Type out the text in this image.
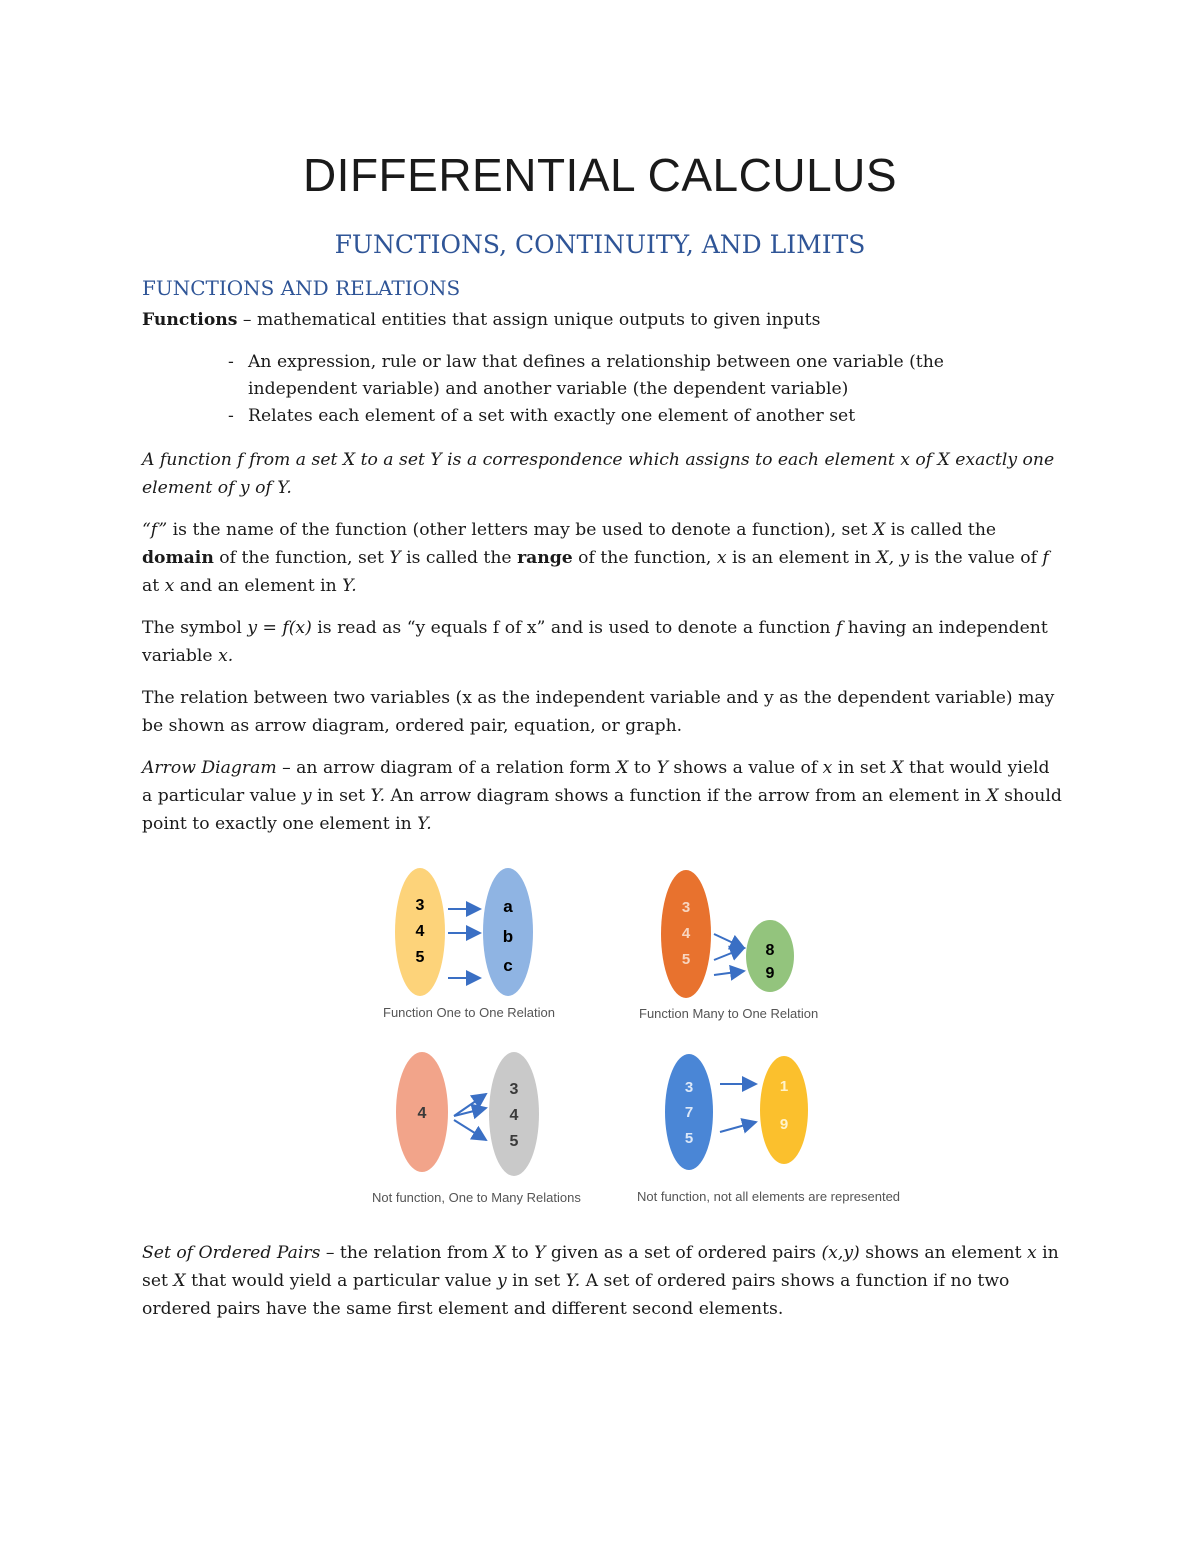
DIFFERENTIAL CALCULUS
FUNCTIONS, CONTINUITY, AND LIMITS
FUNCTIONS AND RELATIONS
Functions – mathematical entities that assign unique outputs to given inputs
- An expression, rule or law that defines a relationship between one variable (the independent variable) and another variable (the dependent variable)
- Relates each element of a set with exactly one element of another set
A function f from a set X to a set Y is a correspondence which assigns to each element x of X exactly one element of y of Y.
“f” is the name of the function (other letters may be used to denote a function), set X is called the domain of the function, set Y is called the range of the function, x is an element in X, y is the value of f at x and an element in Y.
The symbol y = f(x) is read as “y equals f of x” and is used to denote a function f having an independent variable x.
The relation between two variables (x as the independent variable and y as the dependent variable) may be shown as arrow diagram, ordered pair, equation, or graph.
Arrow Diagram – an arrow diagram of a relation form X to Y shows a value of x in set X that would yield a particular value y in set Y. An arrow diagram shows a function if the arrow from an element in X should point to exactly one element in Y.
3
4
5
a
b
c
Function One to One Relation
3
4
5
8
9
Function Many to One Relation
4
3
4
5
Not function, One to Many Relations
3
7
5
1
9
Not function, not all elements are represented
Set of Ordered Pairs – the relation from X to Y given as a set of ordered pairs (x,y) shows an element x in set X that would yield a particular value y in set Y. A set of ordered pairs shows a function if no two ordered pairs have the same first element and different second elements.
